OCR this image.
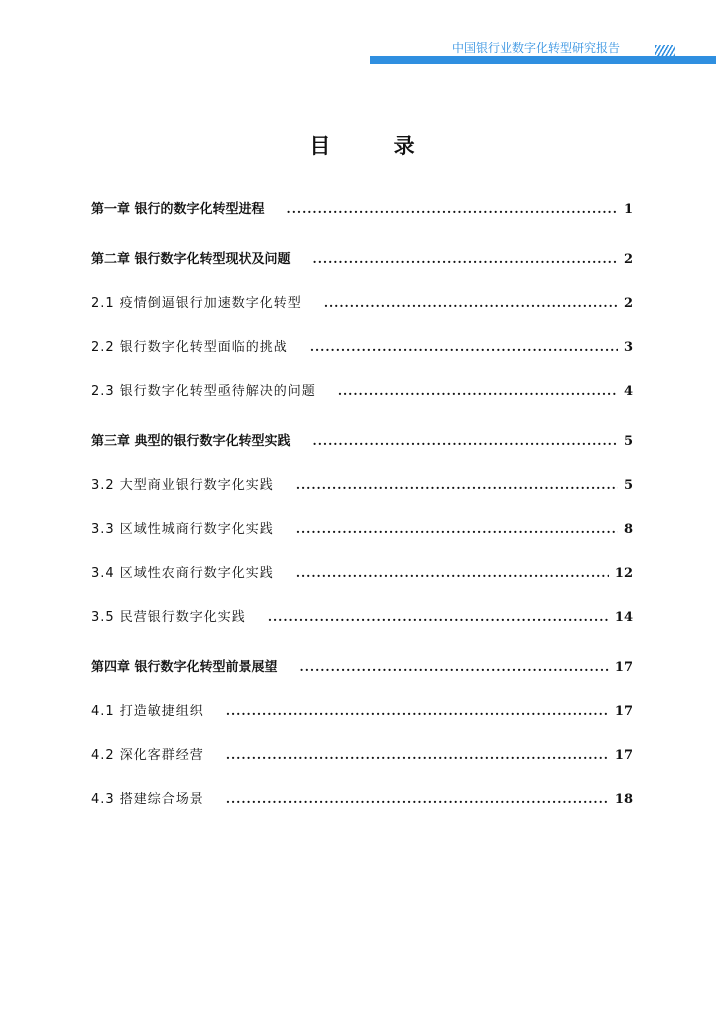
中国银行业数字化转型研究报告
目 录
第一章 银行的数字化转型进程 .....	1
第二章 银行数字化转型现状及问题 .....	2
2.1 疫情倒逼银行加速数字化转型 .....	2
2.2 银行数字化转型面临的挑战 .....	3
2.3 银行数字化转型亟待解决的问题 .....	4
第三章 典型的银行数字化转型实践 .....	5
3.2 大型商业银行数字化实践 .....	5
3.3 区域性城商行数字化实践 .....	8
3.4 区域性农商行数字化实践 .....	12
3.5 民营银行数字化实践 .....	14
第四章 银行数字化转型前景展望 .....	17
4.1 打造敏捷组织 .....	17
4.2 深化客群经营 .....	17
4.3 搭建综合场景 .....	18
